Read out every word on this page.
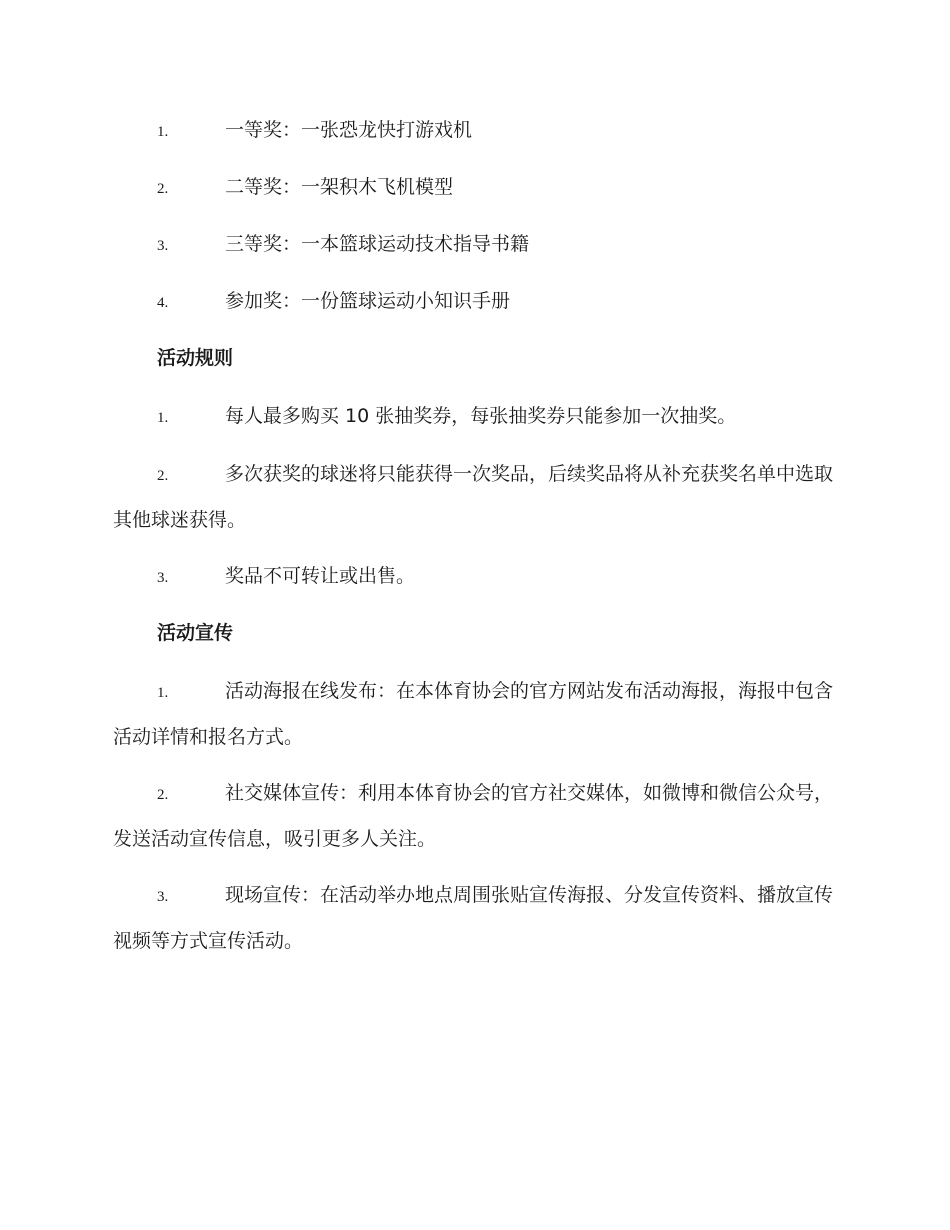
1.	一等奖：一张恐龙快打游戏机

2.	二等奖：一架积木飞机模型

3.	三等奖：一本篮球运动技术指导书籍

4.	参加奖：一份篮球运动小知识手册

活动规则

1.	每人最多购买 10 张抽奖券，每张抽奖券只能参加一次抽奖。

2.	多次获奖的球迷将只能获得一次奖品，后续奖品将从补充获奖名单中选取其他球迷获得。

3.	奖品不可转让或出售。

活动宣传

1.	活动海报在线发布：在本体育协会的官方网站发布活动海报，海报中包含活动详情和报名方式。

2.	社交媒体宣传：利用本体育协会的官方社交媒体，如微博和微信公众号，发送活动宣传信息，吸引更多人关注。

3.	现场宣传：在活动举办地点周围张贴宣传海报、分发宣传资料、播放宣传视频等方式宣传活动。
